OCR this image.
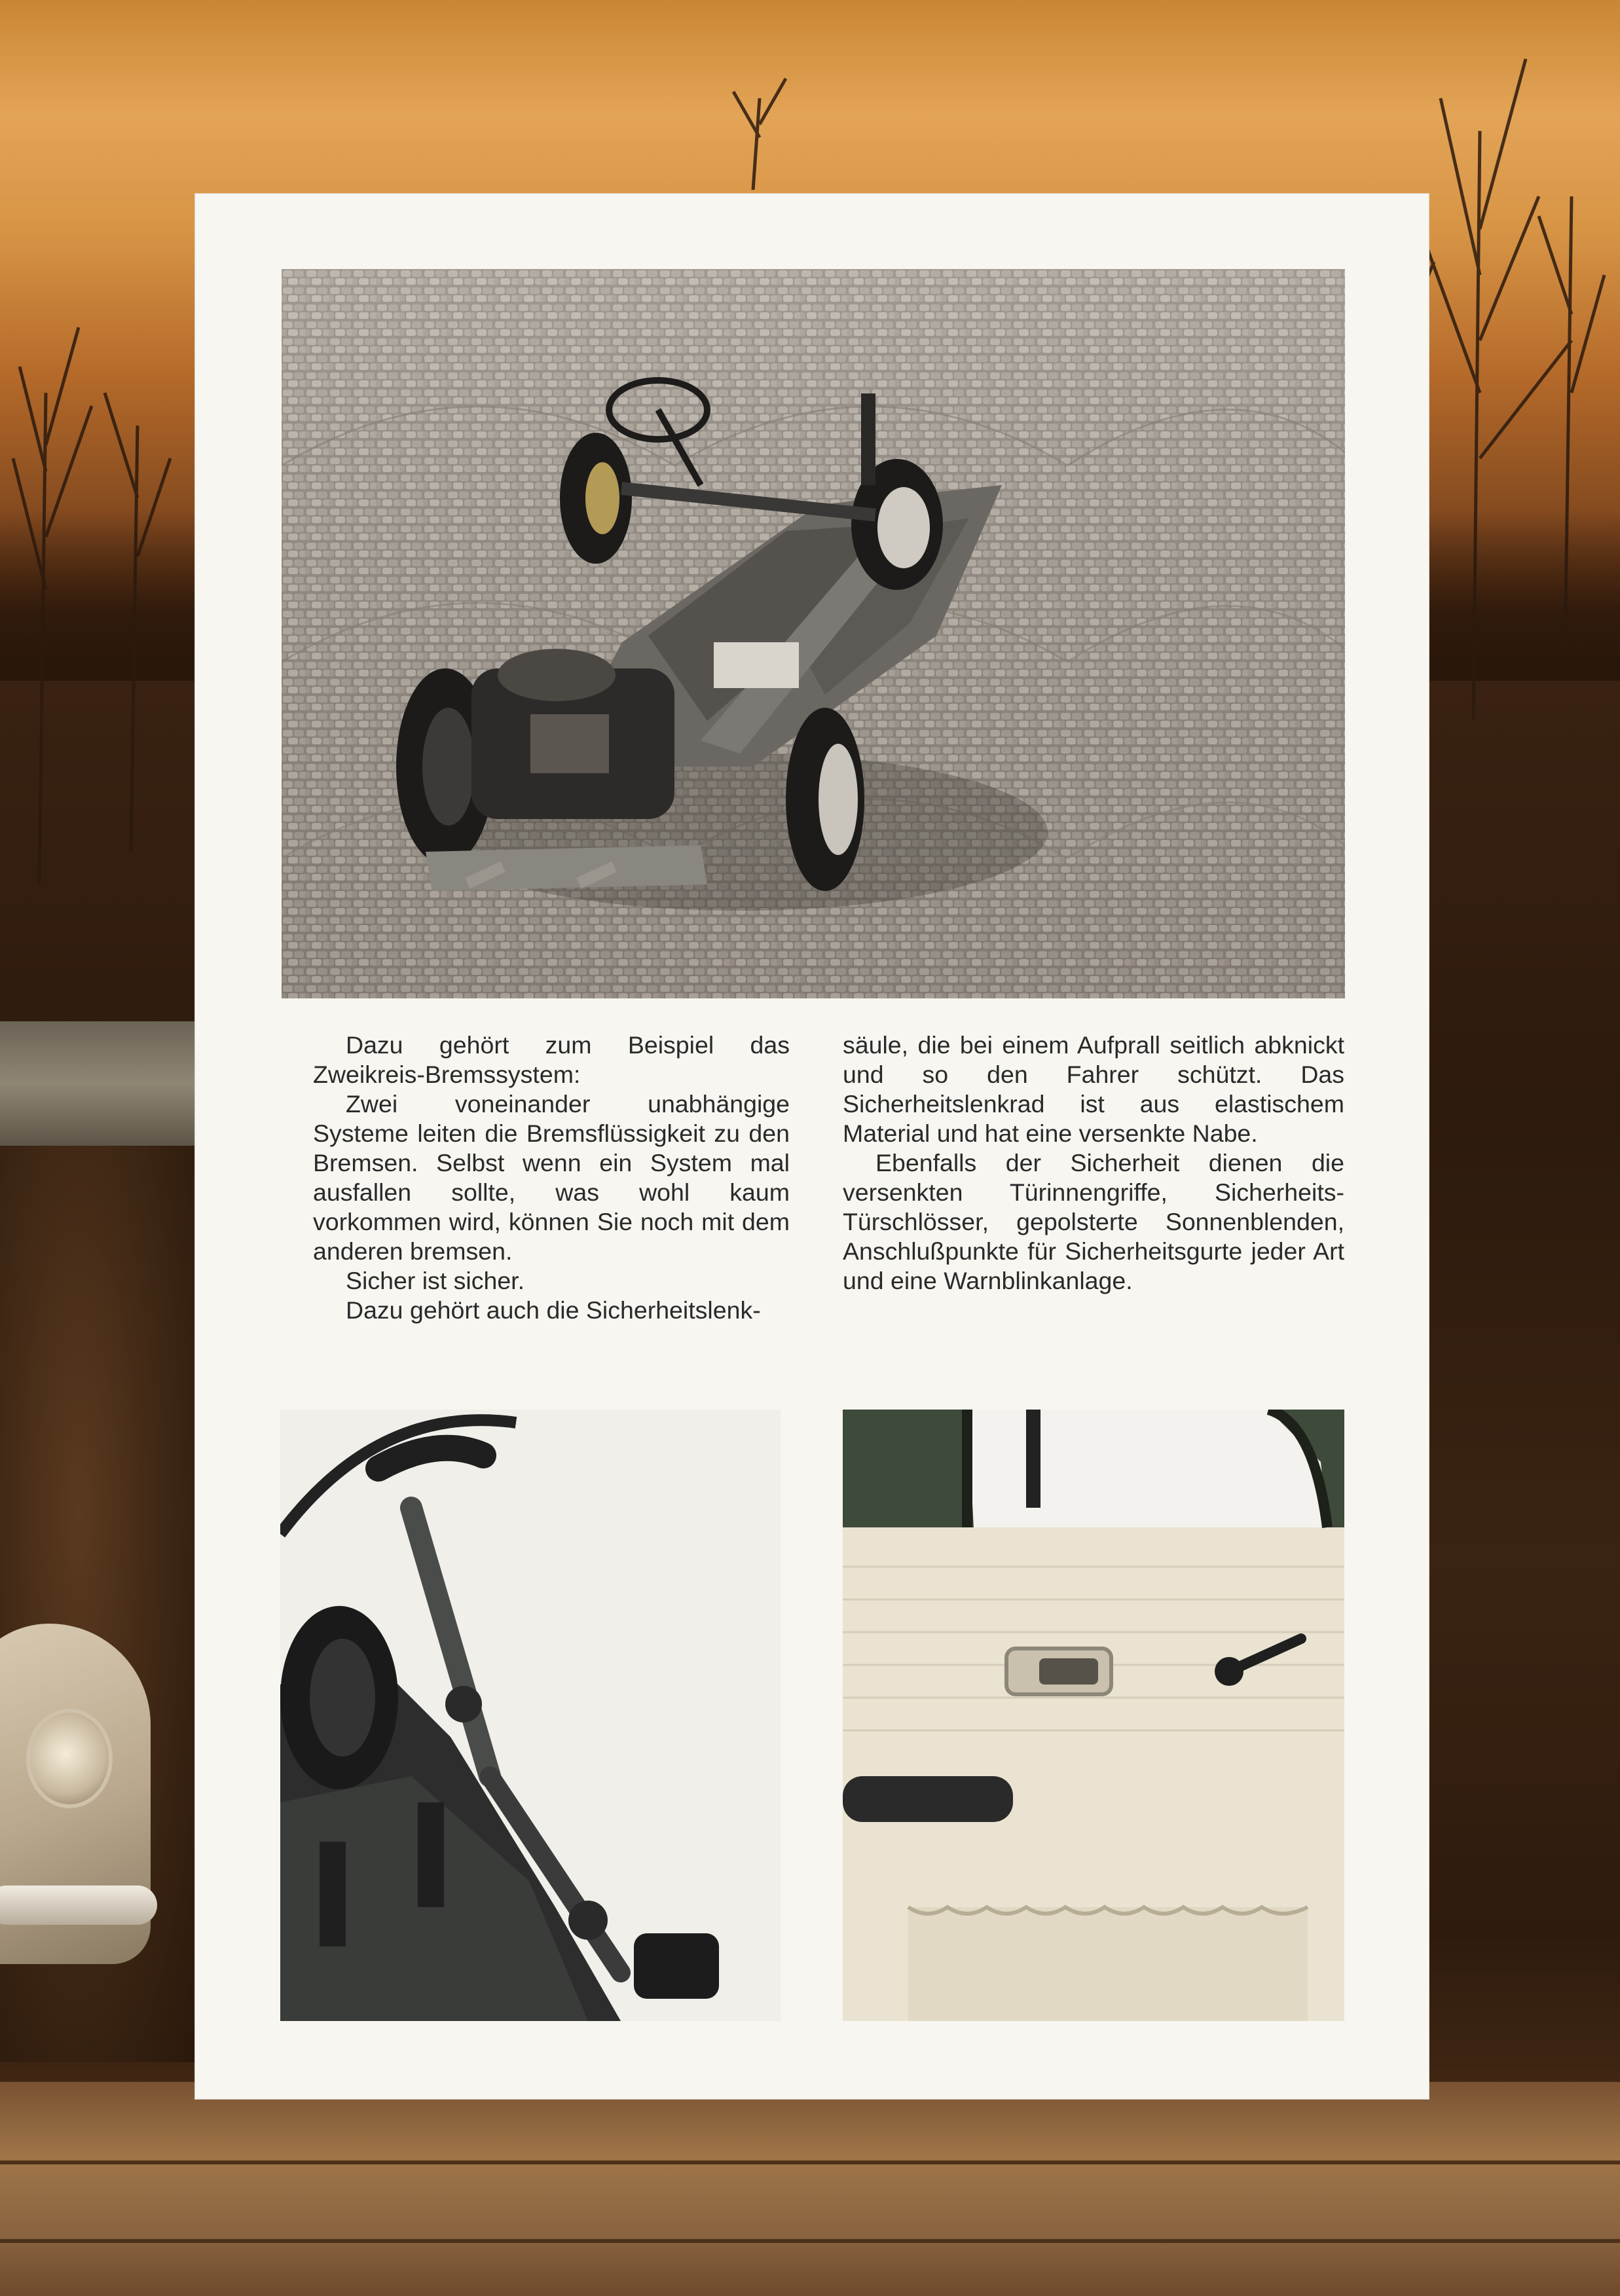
Dazu gehört zum Beispiel das Zweikreis-Bremssystem:

Zwei voneinander unabhängige Systeme leiten die Bremsflüssigkeit zu den Bremsen. Selbst wenn ein System mal ausfallen sollte, was wohl kaum vorkommen wird, können Sie noch mit dem anderen bremsen.

Sicher ist sicher.

Dazu gehört auch die Sicherheitslenk-

säule, die bei einem Aufprall seitlich abknickt und so den Fahrer schützt. Das Sicherheitslenkrad ist aus elastischem Material und hat eine versenkte Nabe.

Ebenfalls der Sicherheit dienen die versenkten Türinnengriffe, Sicherheits-Türschlösser, gepolsterte Sonnenblenden, Anschlußpunkte für Sicherheitsgurte jeder Art und eine Warnblinkanlage.
